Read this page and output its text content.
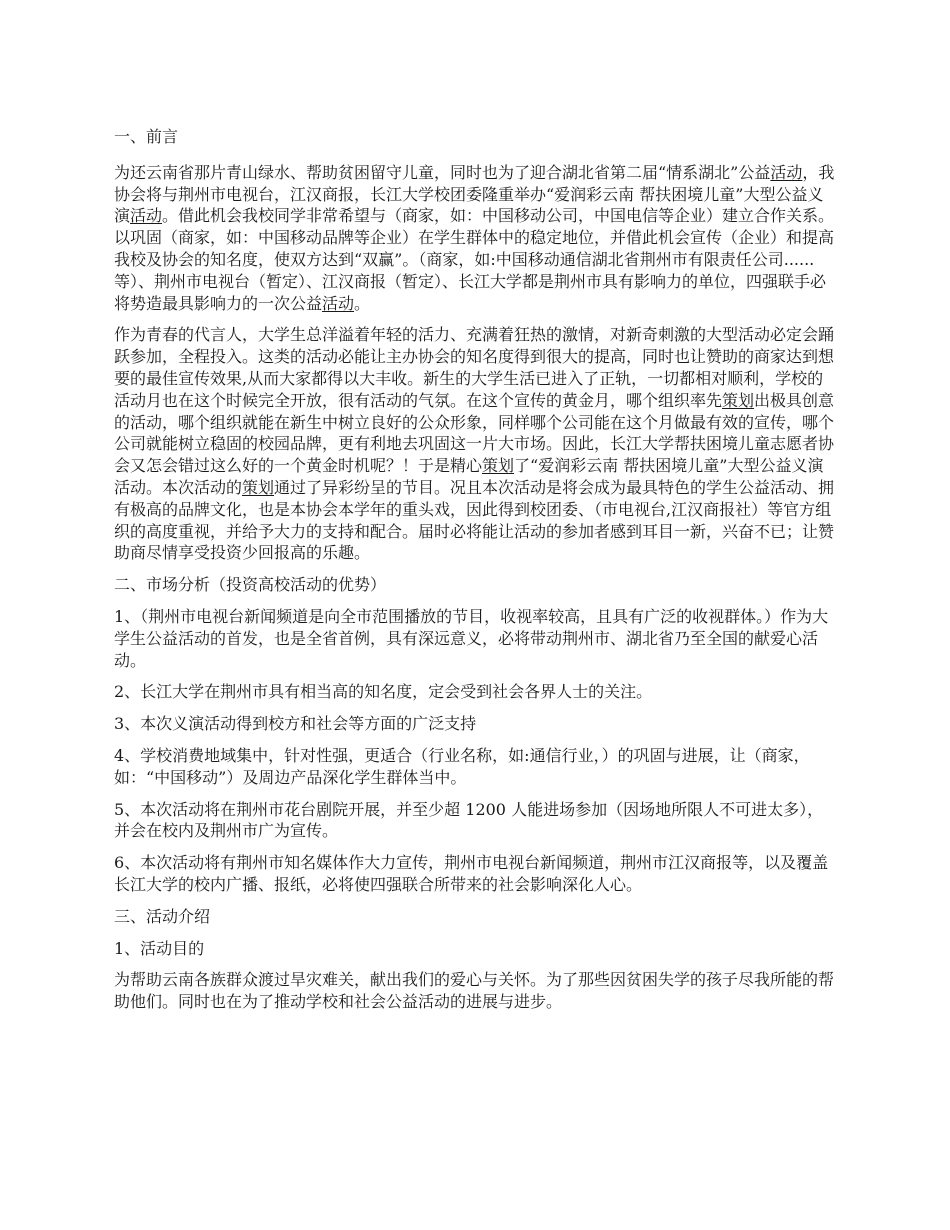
一、前言

为还云南省那片青山绿水、帮助贫困留守儿童，同时也为了迎合湖北省第二届“情系湖北”公益活动，我协会将与荆州市电视台，江汉商报，长江大学校团委隆重举办“爱润彩云南 帮扶困境儿童”大型公益义演活动。借此机会我校同学非常希望与（商家，如：中国移动公司，中国电信等企业）建立合作关系。以巩固（商家，如：中国移动品牌等企业）在学生群体中的稳定地位，并借此机会宣传（企业）和提高我校及协会的知名度，使双方达到“双赢”。（商家，如:中国移动通信湖北省荆州市有限责任公司......等）、荆州市电视台（暂定）、江汉商报（暂定）、长江大学都是荆州市具有影响力的单位，四强联手必将势造最具影响力的一次公益活动。

作为青春的代言人，大学生总洋溢着年轻的活力、充满着狂热的激情，对新奇刺激的大型活动必定会踊跃参加，全程投入。这类的活动必能让主办协会的知名度得到很大的提高，同时也让赞助的商家达到想要的最佳宣传效果,从而大家都得以大丰收。新生的大学生活已进入了正轨，一切都相对顺利，学校的活动月也在这个时候完全开放，很有活动的气氛。在这个宣传的黄金月，哪个组织率先策划出极具创意的活动，哪个组织就能在新生中树立良好的公众形象，同样哪个公司能在这个月做最有效的宣传，哪个公司就能树立稳固的校园品牌，更有利地去巩固这一片大市场。因此，长江大学帮扶困境儿童志愿者协会又怎会错过这么好的一个黄金时机呢？！于是精心策划了“爱润彩云南 帮扶困境儿童”大型公益义演活动。本次活动的策划通过了异彩纷呈的节目。况且本次活动是将会成为最具特色的学生公益活动、拥有极高的品牌文化，也是本协会本学年的重头戏，因此得到校团委、（市电视台,江汉商报社）等官方组织的高度重视，并给予大力的支持和配合。届时必将能让活动的参加者感到耳目一新，兴奋不已；让赞助商尽情享受投资少回报高的乐趣。

二、市场分析（投资高校活动的优势）

1、（荆州市电视台新闻频道是向全市范围播放的节目，收视率较高，且具有广泛的收视群体。）作为大学生公益活动的首发，也是全省首例，具有深远意义，必将带动荆州市、湖北省乃至全国的献爱心活动。

2、长江大学在荆州市具有相当高的知名度，定会受到社会各界人士的关注。

3、本次义演活动得到校方和社会等方面的广泛支持

4、学校消费地域集中，针对性强，更适合（行业名称，如:通信行业，）的巩固与进展，让（商家，如：“中国移动”）及周边产品深化学生群体当中。

5、本次活动将在荆州市花台剧院开展，并至少超 1200 人能进场参加（因场地所限人不可进太多），并会在校内及荆州市广为宣传。

6、本次活动将有荆州市知名媒体作大力宣传，荆州市电视台新闻频道，荆州市江汉商报等，以及覆盖长江大学的校内广播、报纸，必将使四强联合所带来的社会影响深化人心。

三、活动介绍

1、活动目的

为帮助云南各族群众渡过旱灾难关，献出我们的爱心与关怀。为了那些因贫困失学的孩子尽我所能的帮助他们。同时也在为了推动学校和社会公益活动的进展与进步。
